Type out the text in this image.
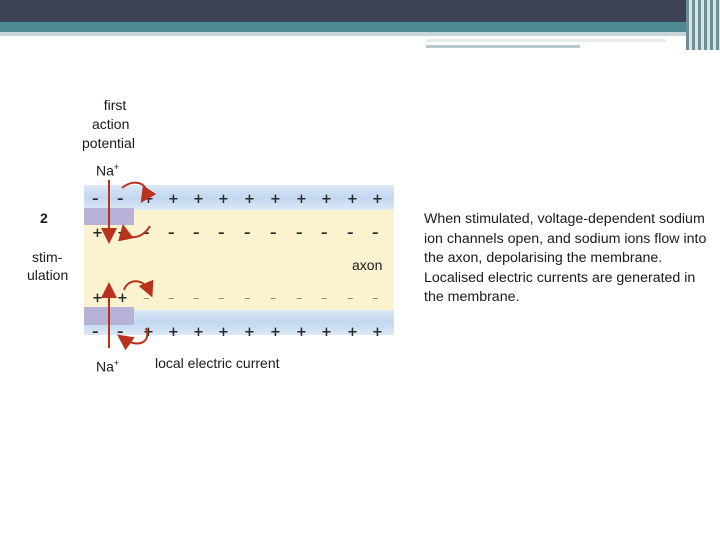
– – + + + + + + + + + +
+ + – – – – – – – – – –
+ + – – – – – – – – – –
– – + + + + + + + + + +
first
action
potential
Na+
2
stim-
ulation
axon
Na+	local electric current
When stimulated, voltage-dependent sodium ion channels open, and sodium ions flow into the axon, depolarising the membrane. Localised electric currents are generated in the membrane.
